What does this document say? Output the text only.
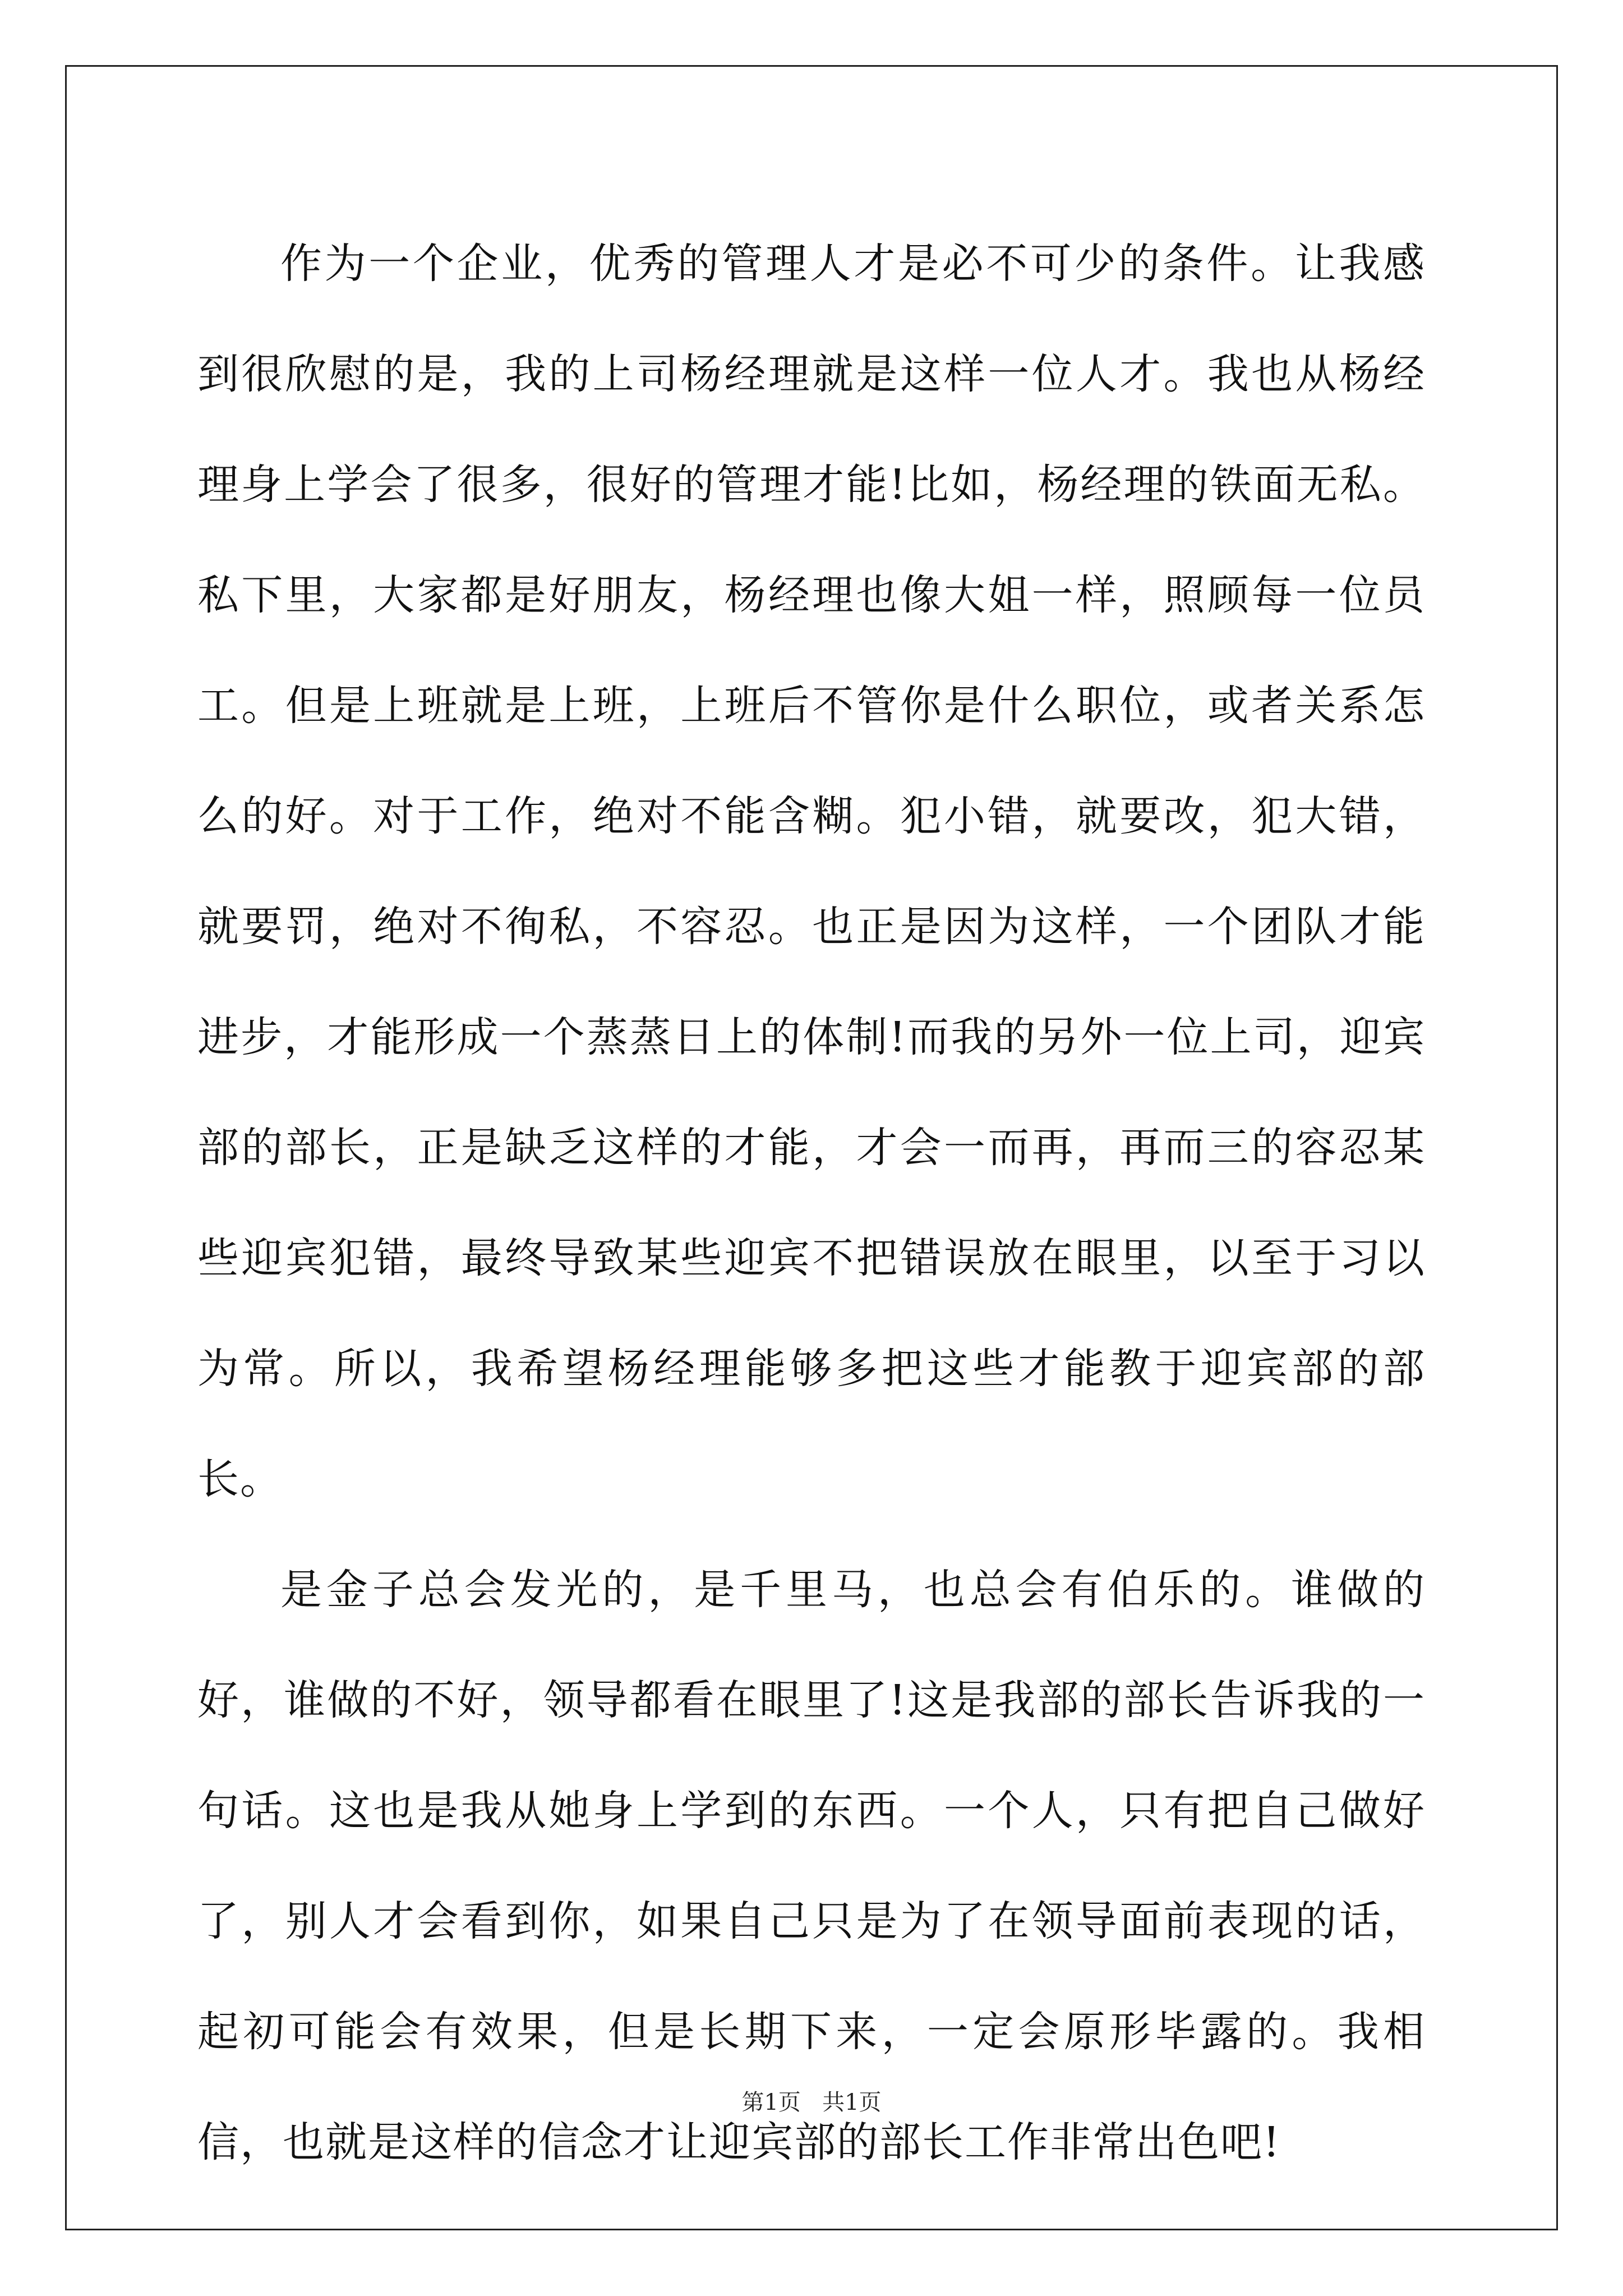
作为一个企业，优秀的管理人才是必不可少的条件。让我感到很欣慰的是，我的上司杨经理就是这样一位人才。我也从杨经理身上学会了很多，很好的管理才能!比如，杨经理的铁面无私。私下里，大家都是好朋友，杨经理也像大姐一样，照顾每一位员工。但是上班就是上班，上班后不管你是什么职位，或者关系怎么的好。对于工作，绝对不能含糊。犯小错，就要改，犯大错，就要罚，绝对不徇私，不容忍。也正是因为这样，一个团队才能进步，才能形成一个蒸蒸日上的体制!而我的另外一位上司，迎宾部的部长，正是缺乏这样的才能，才会一而再，再而三的容忍某些迎宾犯错，最终导致某些迎宾不把错误放在眼里，以至于习以为常。所以，我希望杨经理能够多把这些才能教于迎宾部的部长。

是金子总会发光的，是千里马，也总会有伯乐的。谁做的好，谁做的不好，领导都看在眼里了!这是我部的部长告诉我的一句话。这也是我从她身上学到的东西。一个人，只有把自己做好了，别人才会看到你，如果自己只是为了在领导面前表现的话，起初可能会有效果，但是长期下来，一定会原形毕露的。我相信，也就是这样的信念才让迎宾部的部长工作非常出色吧!

第1页 共1页
